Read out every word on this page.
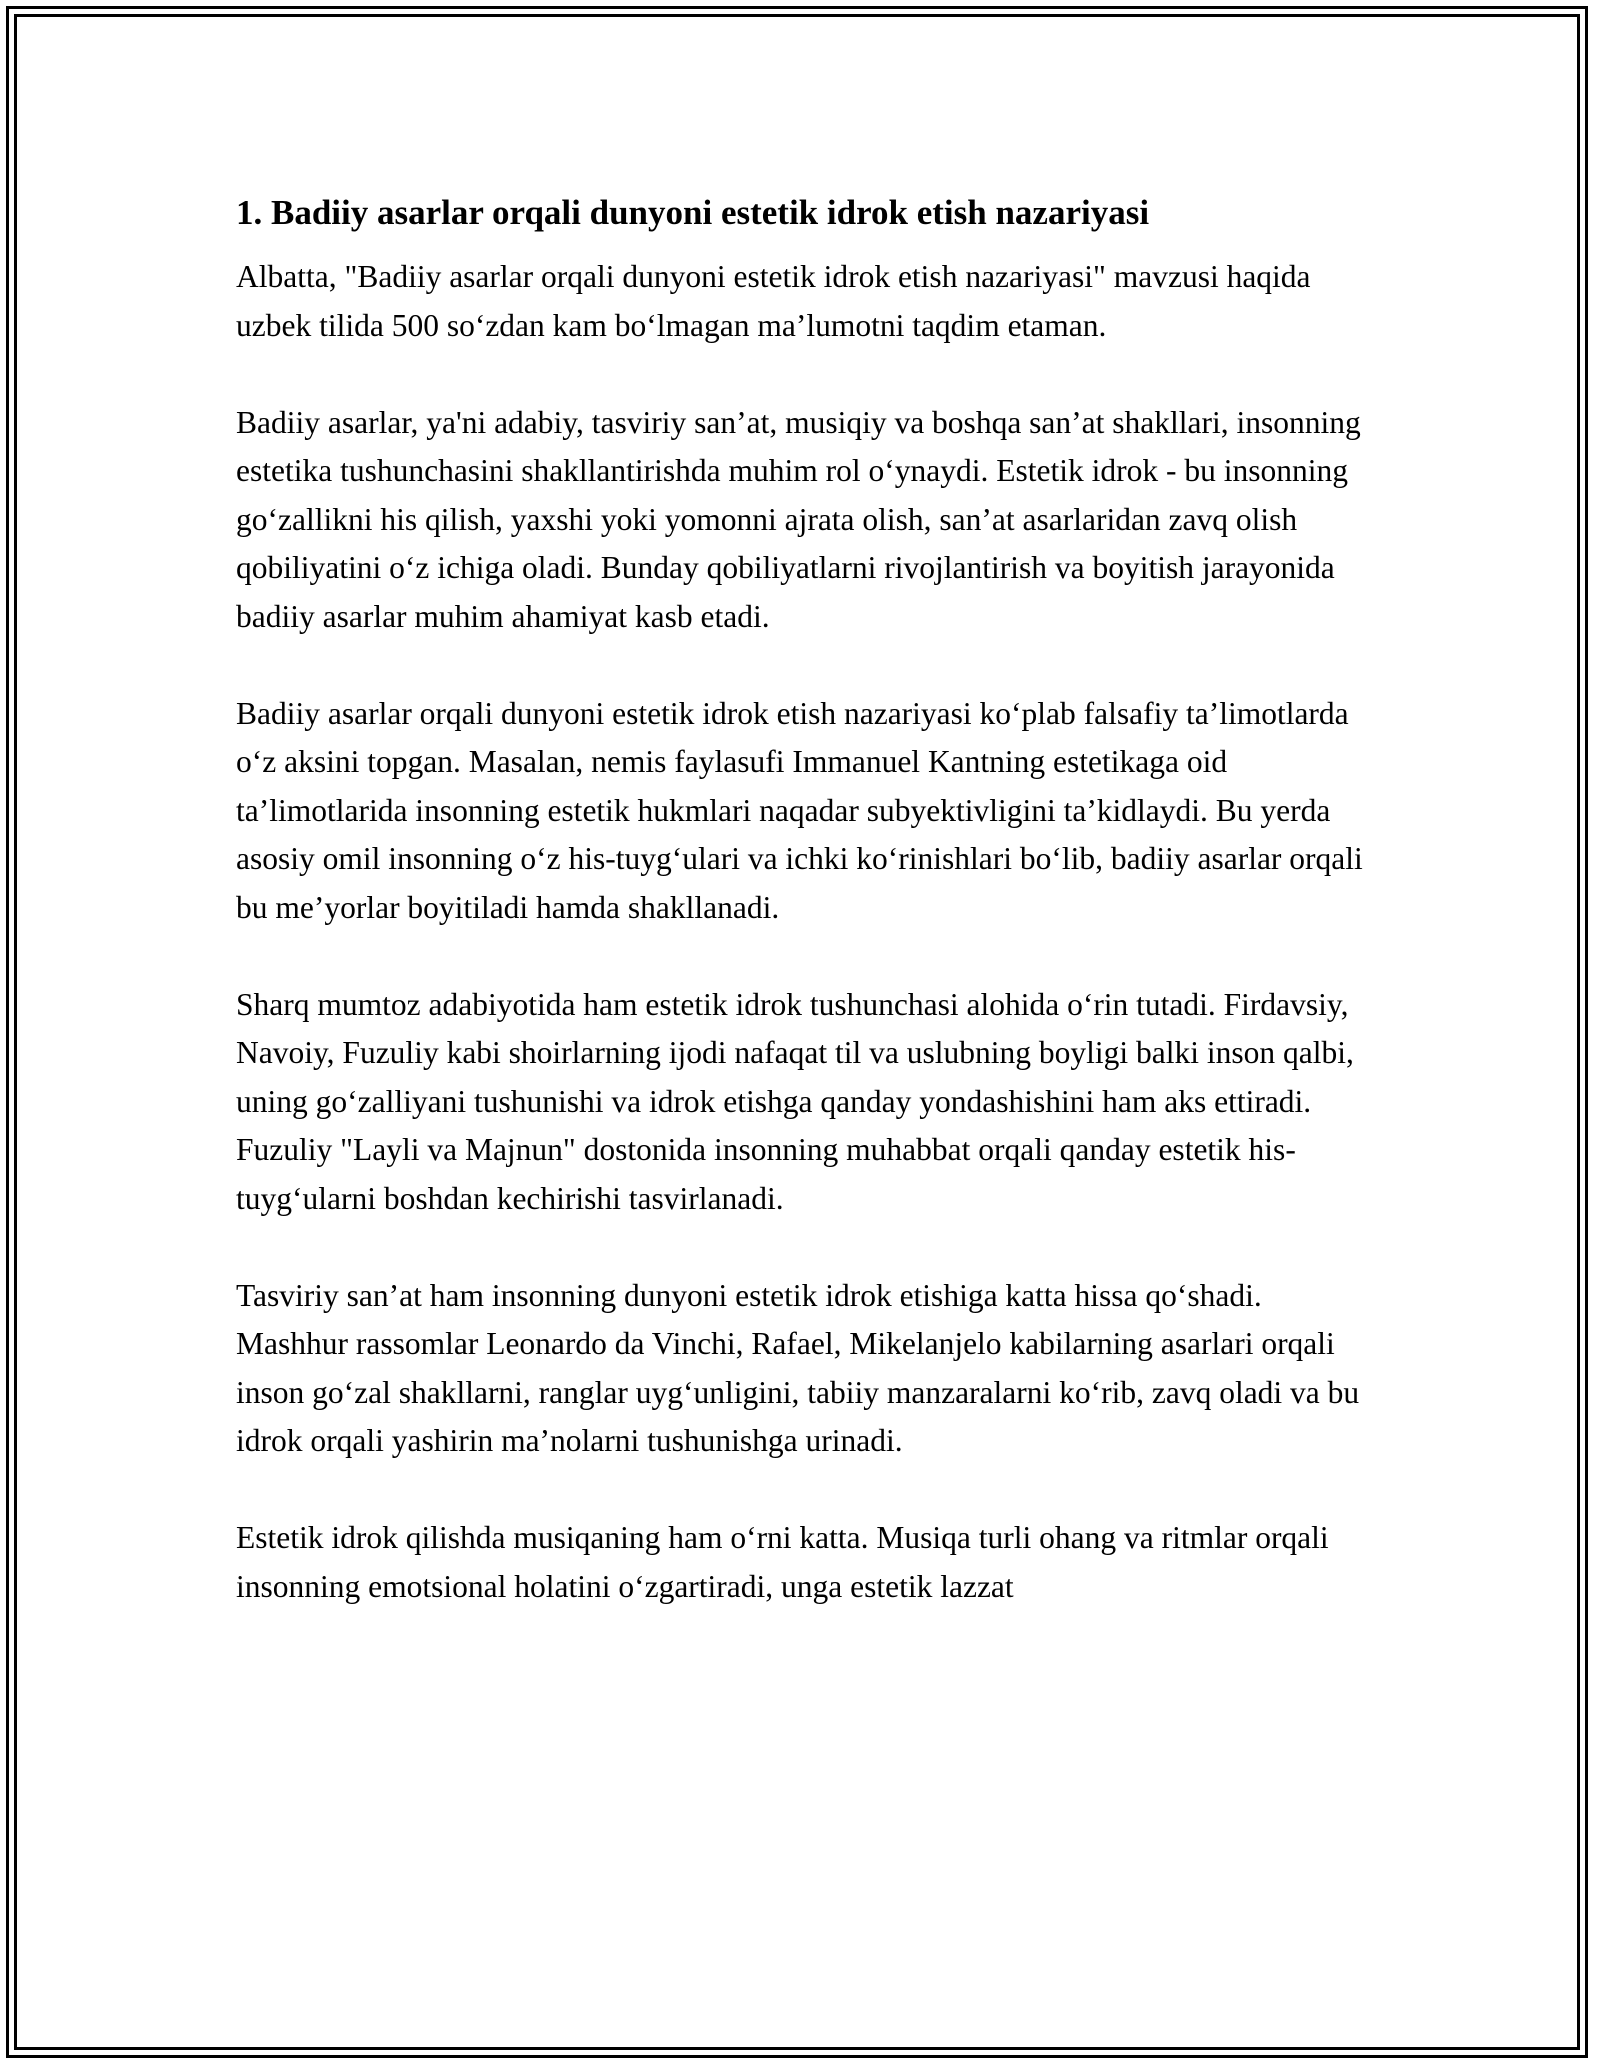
1. Badiiy asarlar orqali dunyoni estetik idrok etish nazariyasi

Albatta, "Badiiy asarlar orqali dunyoni estetik idrok etish nazariyasi" mavzusi haqida uzbek tilida 500 so‘zdan kam bo‘lmagan ma’lumotni taqdim etaman.

Badiiy asarlar, ya'ni adabiy, tasviriy san’at, musiqiy va boshqa san’at shakllari, insonning estetika tushunchasini shakllantirishda muhim rol o‘ynaydi. Estetik idrok - bu insonning go‘zallikni his qilish, yaxshi yoki yomonni ajrata olish, san’at asarlaridan zavq olish qobiliyatini o‘z ichiga oladi. Bunday qobiliyatlarni rivojlantirish va boyitish jarayonida badiiy asarlar muhim ahamiyat kasb etadi.

Badiiy asarlar orqali dunyoni estetik idrok etish nazariyasi ko‘plab falsafiy ta’limotlarda o‘z aksini topgan. Masalan, nemis faylasufi Immanuel Kantning estetikaga oid ta’limotlarida insonning estetik hukmlari naqadar subyektivligini ta’kidlaydi. Bu yerda asosiy omil insonning o‘z his-tuyg‘ulari va ichki ko‘rinishlari bo‘lib, badiiy asarlar orqali bu me’yorlar boyitiladi hamda shakllanadi.

Sharq mumtoz adabiyotida ham estetik idrok tushunchasi alohida o‘rin tutadi. Firdavsiy, Navoiy, Fuzuliy kabi shoirlarning ijodi nafaqat til va uslubning boyligi balki inson qalbi, uning go‘zalliyani tushunishi va idrok etishga qanday yondashishini ham aks ettiradi. Fuzuliy "Layli va Majnun" dostonida insonning muhabbat orqali qanday estetik his-tuyg‘ularni boshdan kechirishi tasvirlanadi.

Tasviriy san’at ham insonning dunyoni estetik idrok etishiga katta hissa qo‘shadi. Mashhur rassomlar Leonardo da Vinchi, Rafael, Mikelanjelo kabilarning asarlari orqali inson go‘zal shakllarni, ranglar uyg‘unligini, tabiiy manzaralarni ko‘rib, zavq oladi va bu idrok orqali yashirin ma’nolarni tushunishga urinadi.

Estetik idrok qilishda musiqaning ham o‘rni katta. Musiqa turli ohang va ritmlar orqali insonning emotsional holatini o‘zgartiradi, unga estetik lazzat
